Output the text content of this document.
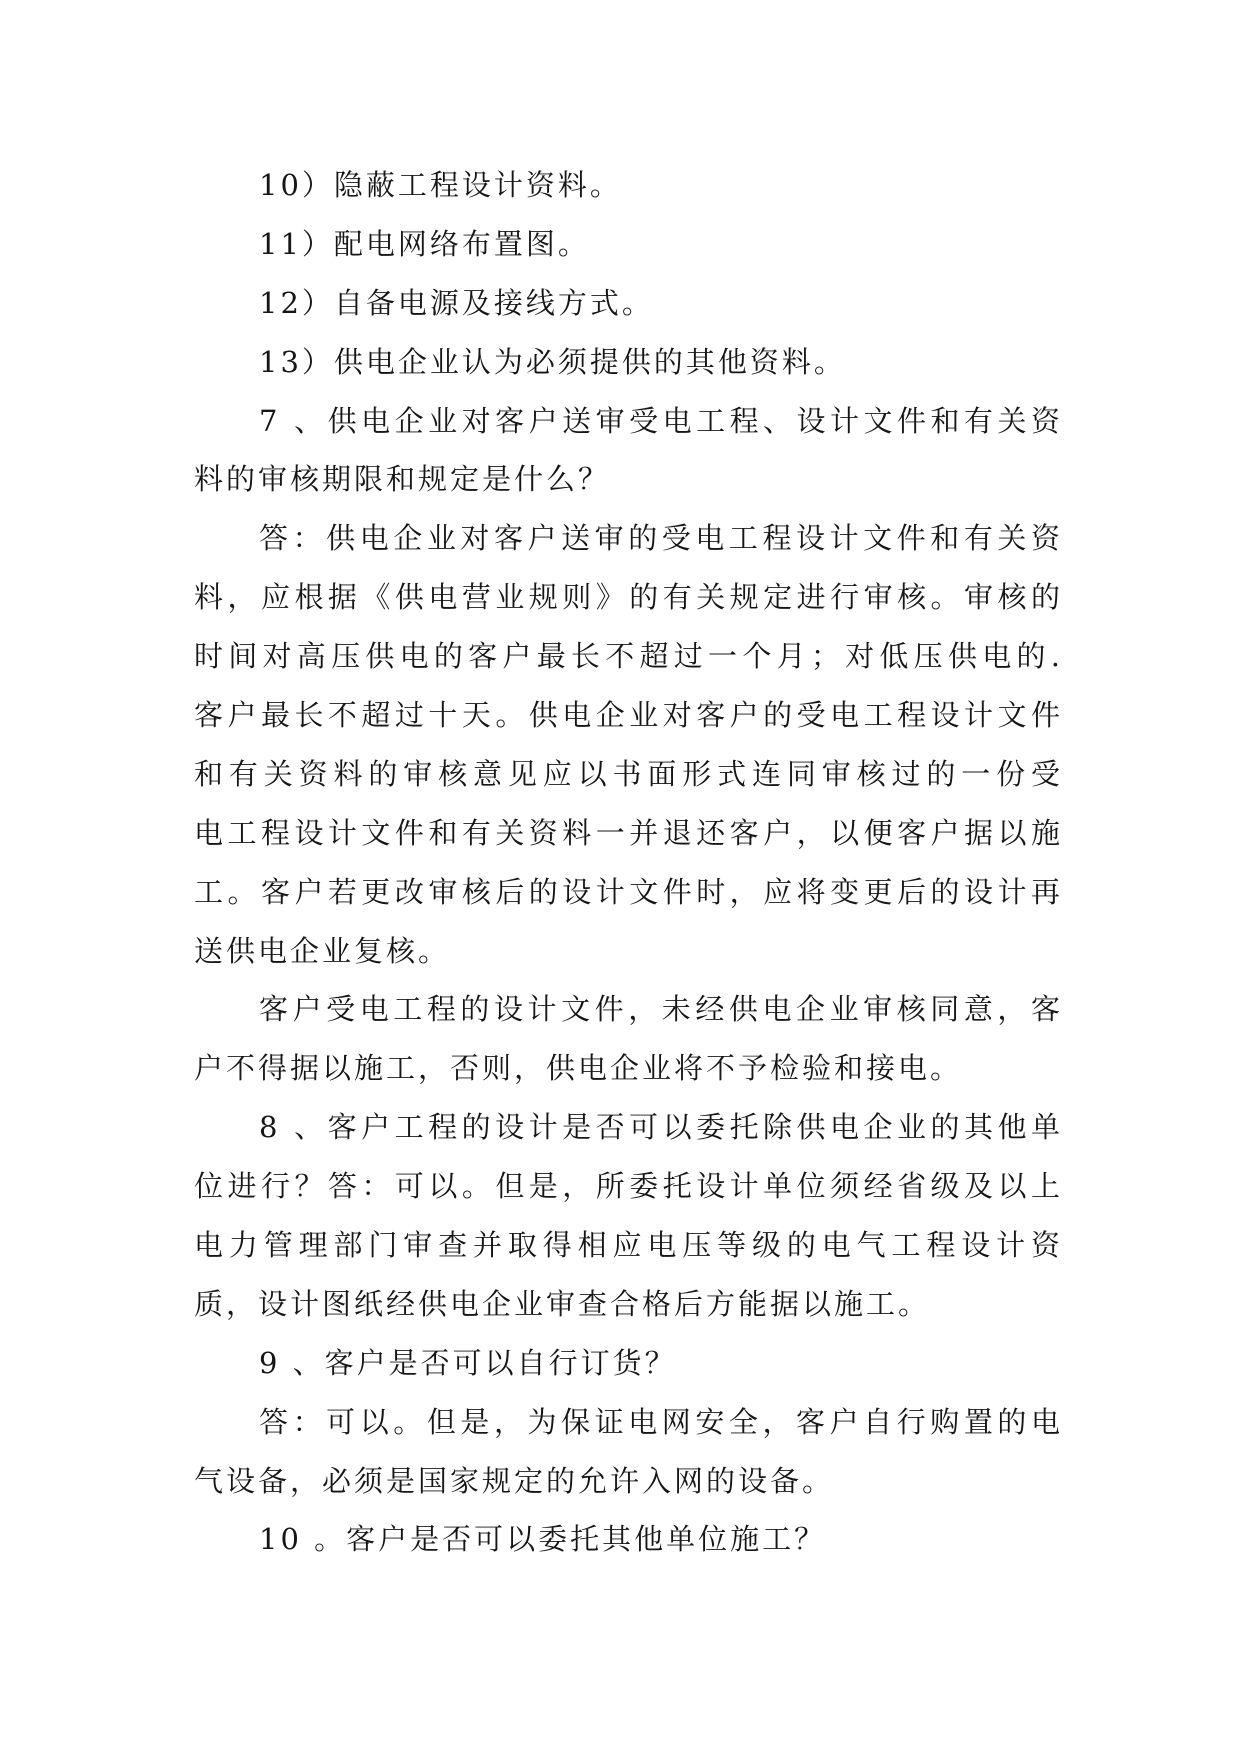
10）隐蔽工程设计资料。
11）配电网络布置图。
12）自备电源及接线方式。
13）供电企业认为必须提供的其他资料。
7 、供电企业对客户送审受电工程、设计文件和有关资
料的审核期限和规定是什么？
答：供电企业对客户送审的受电工程设计文件和有关资
料，应根据《供电营业规则》的有关规定进行审核。审核的
时间对高压供电的客户最长不超过一个月；对低压供电的.
客户最长不超过十天。供电企业对客户的受电工程设计文件
和有关资料的审核意见应以书面形式连同审核过的一份受
电工程设计文件和有关资料一并退还客户，以便客户据以施
工。客户若更改审核后的设计文件时，应将变更后的设计再
送供电企业复核。
客户受电工程的设计文件，未经供电企业审核同意，客
户不得据以施工，否则，供电企业将不予检验和接电。
8 、客户工程的设计是否可以委托除供电企业的其他单
位进行？答：可以。但是，所委托设计单位须经省级及以上
电力管理部门审查并取得相应电压等级的电气工程设计资
质，设计图纸经供电企业审查合格后方能据以施工。
9 、客户是否可以自行订货？
答：可以。但是，为保证电网安全，客户自行购置的电
气设备，必须是国家规定的允许入网的设备。
10 。客户是否可以委托其他单位施工？
